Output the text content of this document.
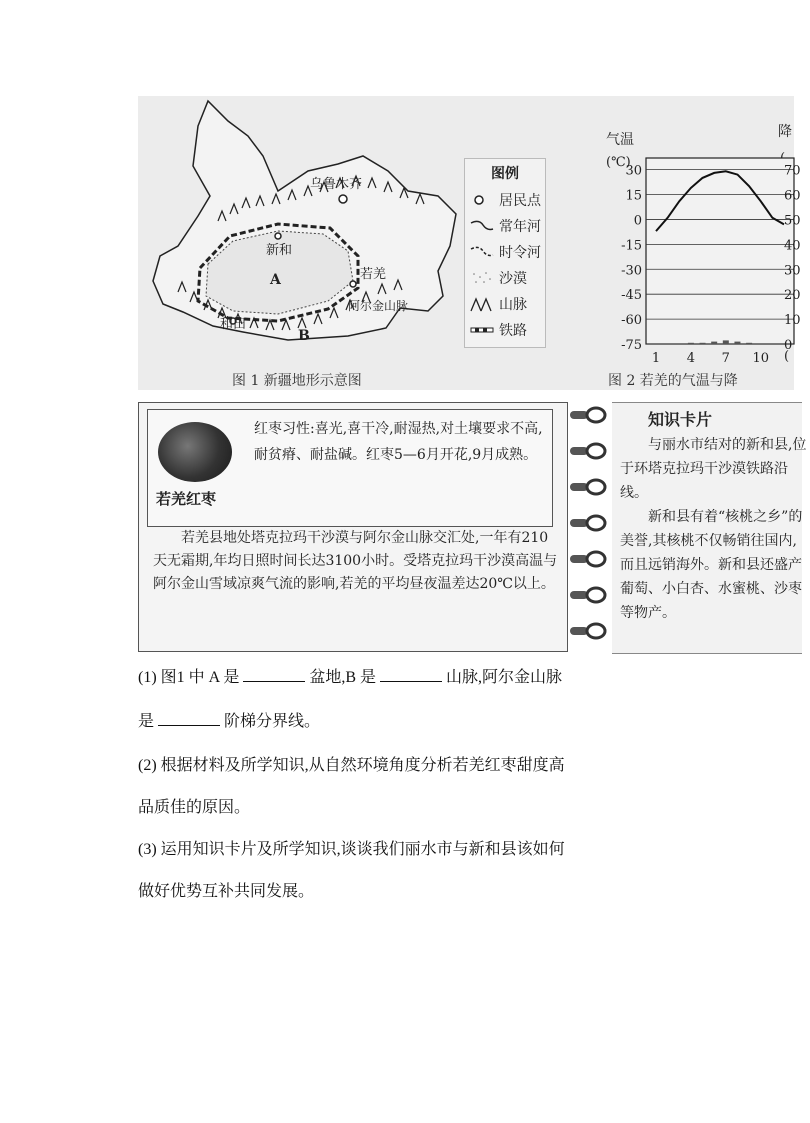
乌鲁木齐
新和
若羌
阿尔金山脉
和田
A
B
图例
居民点
常年河
时令河
沙漠
山脉
铁路
图 1 新疆地形示意图
气温
(℃)
降
30
15
0
-15
-30
-45
-60
-75
70
60
50
40
30
20
10
0
1 4 7 10 (
图 2 若羌的气温与降
若羌红枣
红枣习性:喜光,喜干冷,耐湿热,对土壤要求不高,耐贫瘠、耐盐碱。红枣5—6月开花,9月成熟。
若羌县地处塔克拉玛干沙漠与阿尔金山脉交汇处,一年有210天无霜期,年均日照时间长达3100小时。受塔克拉玛干沙漠高温与阿尔金山雪域凉爽气流的影响,若羌的平均昼夜温差达20℃以上。
知识卡片
与丽水市结对的新和县,位于环塔克拉玛干沙漠铁路沿线。
新和县有着“核桃之乡”的美誉,其核桃不仅畅销往国内,而且远销海外。新和县还盛产葡萄、小白杏、水蜜桃、沙枣等物产。
(1) 图1 中 A 是	盆地,B 是	山脉,阿尔金山脉
是	阶梯分界线。
(2) 根据材料及所学知识,从自然环境角度分析若羌红枣甜度高
品质佳的原因。
(3) 运用知识卡片及所学知识,谈谈我们丽水市与新和县该如何
做好优势互补共同发展。
